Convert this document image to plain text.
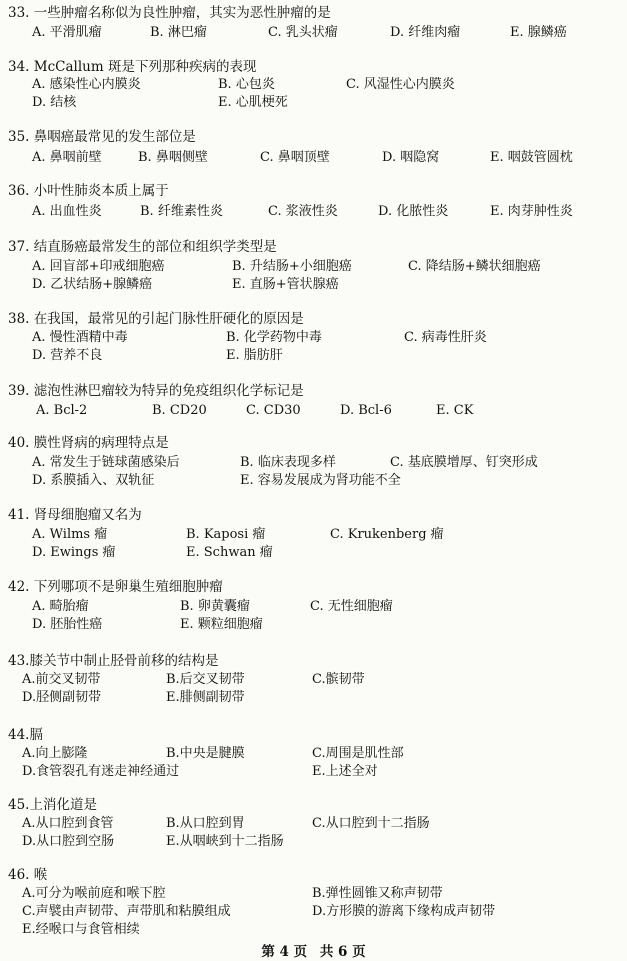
33. 一些肿瘤名称似为良性肿瘤，其实为恶性肿瘤的是
A. 平滑肌瘤	B. 淋巴瘤	C. 乳头状瘤	D. 纤维肉瘤	E. 腺鳞癌
34. McCallum 斑是下列那种疾病的表现
A. 感染性心内膜炎	B. 心包炎	C. 风湿性心内膜炎
D. 结核	E. 心肌梗死
35. 鼻咽癌最常见的发生部位是
A. 鼻咽前壁	B. 鼻咽侧壁	C. 鼻咽顶壁	D. 咽隐窝	E. 咽鼓管圆枕
36. 小叶性肺炎本质上属于
A. 出血性炎	B. 纤维素性炎	C. 浆液性炎	D. 化脓性炎	E. 肉芽肿性炎
37. 结直肠癌最常发生的部位和组织学类型是
A. 回盲部+印戒细胞癌	B. 升结肠+小细胞癌	C. 降结肠+鳞状细胞癌
D. 乙状结肠+腺鳞癌	E. 直肠+管状腺癌
38. 在我国，最常见的引起门脉性肝硬化的原因是
A. 慢性酒精中毒	B. 化学药物中毒	C. 病毒性肝炎
D. 营养不良	E. 脂肪肝
39. 滤泡性淋巴瘤较为特异的免疫组织化学标记是
A. Bcl-2	B. CD20	C. CD30	D. Bcl-6	E. CK
40. 膜性肾病的病理特点是
A. 常发生于链球菌感染后	B. 临床表现多样	C. 基底膜增厚、钉突形成
D. 系膜插入、双轨征	E. 容易发展成为肾功能不全
41. 肾母细胞瘤又名为
A. Wilms 瘤	B. Kaposi 瘤	C. Krukenberg 瘤
D. Ewings 瘤	E. Schwan 瘤
42. 下列哪项不是卵巢生殖细胞肿瘤
A. 畸胎瘤	B. 卵黄囊瘤	C. 无性细胞瘤
D. 胚胎性癌	E. 颗粒细胞瘤
43.膝关节中制止胫骨前移的结构是
A.前交叉韧带	B.后交叉韧带	C.髌韧带
D.胫侧副韧带	E.腓侧副韧带
44.膈
A.向上膨隆	B.中央是腱膜	C.周围是肌性部
D.食管裂孔有迷走神经通过	E.上述全对
45.上消化道是
A.从口腔到食管	B.从口腔到胃	C.从口腔到十二指肠
D.从口腔到空肠	E.从咽峡到十二指肠
46. 喉
A.可分为喉前庭和喉下腔	B.弹性圆锥又称声韧带
C.声襞由声韧带、声带肌和粘膜组成	D.方形膜的游离下缘构成声韧带
E.经喉口与食管相续
第 4 页 共 6 页
